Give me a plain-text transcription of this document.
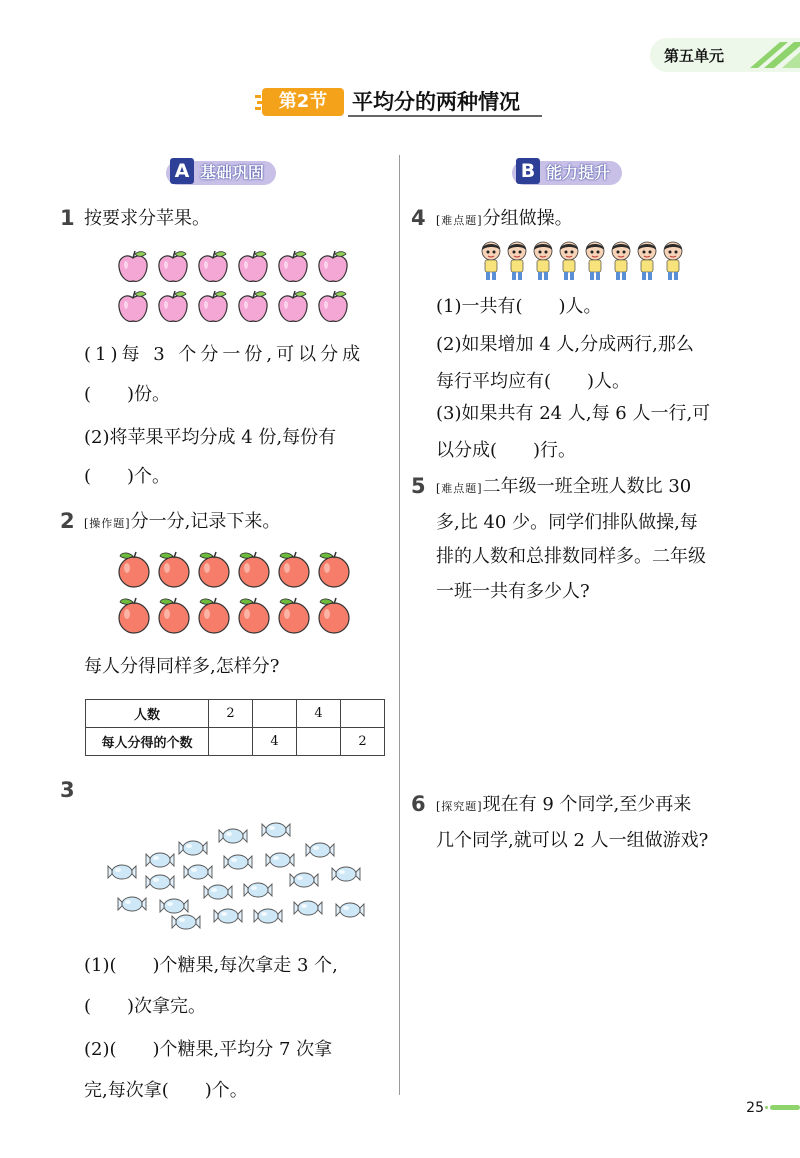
第五单元
第2节	平均分的两种情况
A 基础巩固	B 能力提升
1 按要求分苹果。
(1)每 3 个分一份,可以分成
( )份。
(2)将苹果平均分成 4 份,每份有
( )个。
2 [操作题]分一分,记录下来。
每人分得同样多,怎样分?
人数	2		4	
每人分得的个数		4		2
3
(1)( )个糖果,每次拿走 3 个,
( )次拿完。
(2)( )个糖果,平均分 7 次拿
完,每次拿( )个。
4 [难点题]分组做操。
(1)一共有( )人。
(2)如果增加 4 人,分成两行,那么
每行平均应有( )人。
(3)如果共有 24 人,每 6 人一行,可
以分成( )行。
5 [难点题]二年级一班全班人数比 30
多,比 40 少。同学们排队做操,每
排的人数和总排数同样多。二年级
一班一共有多少人?
6 [探究题]现在有 9 个同学,至少再来
几个同学,就可以 2 人一组做游戏?
25
